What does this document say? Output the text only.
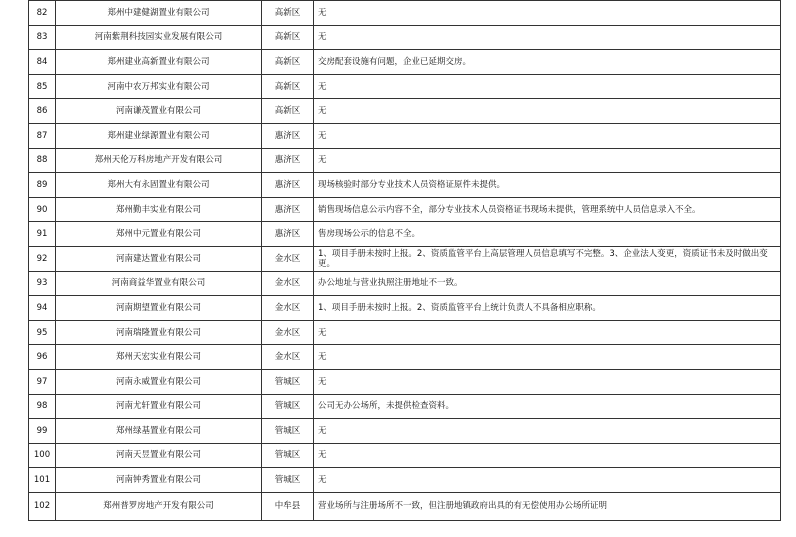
82	郑州中建健湖置业有限公司	高新区	无
83	河南紫荆科技园实业发展有限公司	高新区	无
84	郑州建业高新置业有限公司	高新区	交房配套设施有问题，企业已延期交房。
85	河南中农万邦实业有限公司	高新区	无
86	河南谦茂置业有限公司	高新区	无
87	郑州建业绿源置业有限公司	惠济区	无
88	郑州天伦万科房地产开发有限公司	惠济区	无
89	郑州大有永固置业有限公司	惠济区	现场核验时部分专业技术人员资格证原件未提供。
90	郑州勤丰实业有限公司	惠济区	销售现场信息公示内容不全，部分专业技术人员资格证书现场未提供，管理系统中人员信息录入不全。
91	郑州中元置业有限公司	惠济区	售房现场公示的信息不全。
92	河南建达置业有限公司	金水区	1、项目手册未按时上报。2、资质监管平台上高层管理人员信息填写不完整。3、企业法人变更，资质证书未及时做出变更。
93	河南商益华置业有限公司	金水区	办公地址与营业执照注册地址不一致。
94	河南期望置业有限公司	金水区	1、项目手册未按时上报。2、资质监管平台上统计负责人不具备相应职称。
95	河南瑞隆置业有限公司	金水区	无
96	郑州天宏实业有限公司	金水区	无
97	河南永威置业有限公司	管城区	无
98	河南尤轩置业有限公司	管城区	公司无办公场所，未提供检查资料。
99	郑州绿基置业有限公司	管城区	无
100	河南天昱置业有限公司	管城区	无
101	河南钟秀置业有限公司	管城区	无
102	郑州普罗房地产开发有限公司	中牟县	营业场所与注册场所不一致，但注册地镇政府出具的有无偿使用办公场所证明
